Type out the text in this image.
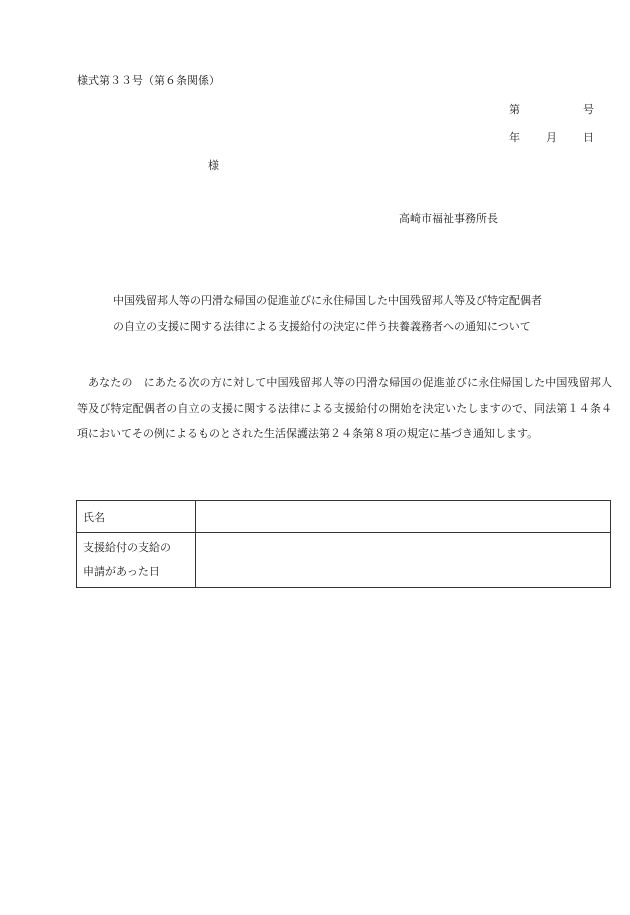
様式第３３号（第６条関係）
第	号
年 月 日
様
高崎市福祉事務所長
中国残留邦人等の円滑な帰国の促進並びに永住帰国した中国残留邦人等及び特定配偶者
の自立の支援に関する法律による支援給付の決定に伴う扶養義務者への通知について
あなたの　にあたる次の方に対して中国残留邦人等の円滑な帰国の促進並びに永住帰国した中国残留邦人等及び特定配偶者の自立の支援に関する法律による支援給付の開始を決定いたしますので、同法第１４条４項においてその例によるものとされた生活保護法第２４条第８項の規定に基づき通知します。
氏名	

支援給付の支給の
申請があった日	
